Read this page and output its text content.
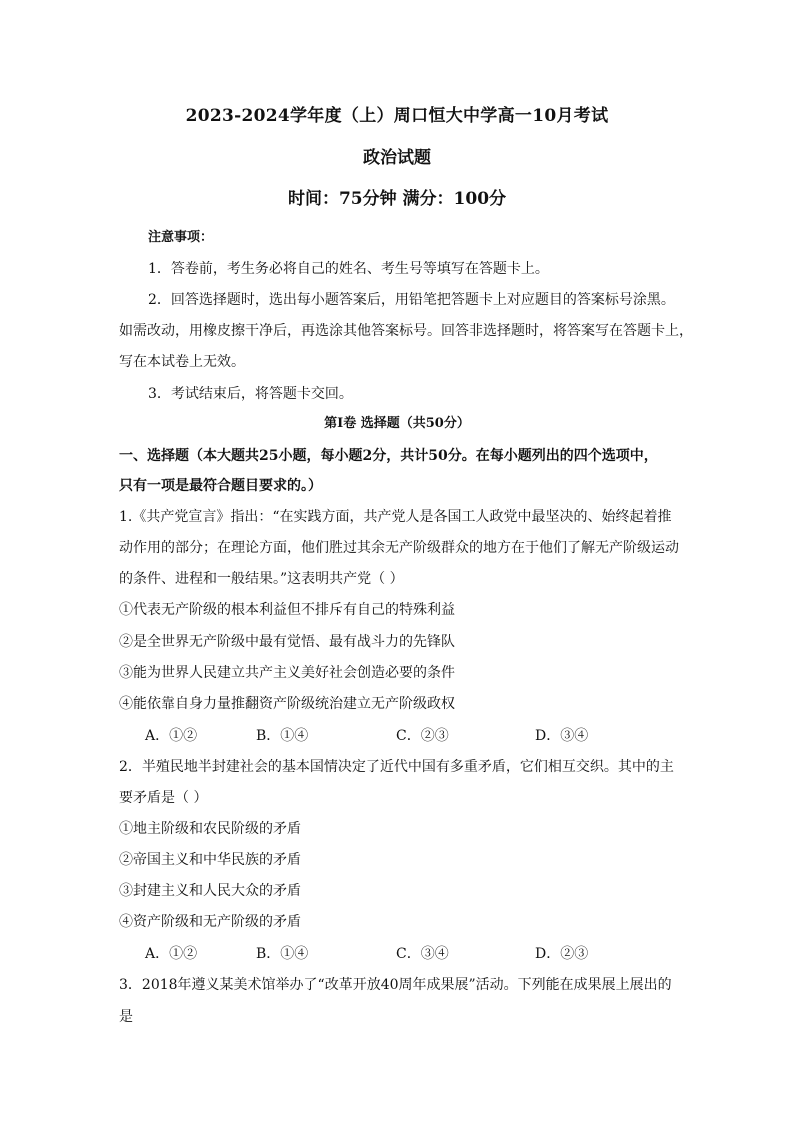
2023-2024学年度（上）周口恒大中学高一10月考试
政治试题
时间：75分钟 满分：100分
注意事项：
1．答卷前，考生务必将自己的姓名、考生号等填写在答题卡上。
2．回答选择题时，选出每小题答案后，用铅笔把答题卡上对应题目的答案标号涂黑。
如需改动，用橡皮擦干净后，再选涂其他答案标号。回答非选择题时，将答案写在答题卡上，
写在本试卷上无效。
3．考试结束后，将答题卡交回。
第Ⅰ卷 选择题（共50分）
一、选择题（本大题共25小题，每小题2分，共计50分。在每小题列出的四个选项中，
只有一项是最符合题目要求的。）
1.《共产党宣言》指出：“在实践方面，共产党人是各国工人政党中最坚决的、始终起着推
动作用的部分；在理论方面，他们胜过其余无产阶级群众的地方在于他们了解无产阶级运动
的条件、进程和一般结果。”这表明共产党（ ）
①代表无产阶级的根本利益但不排斥有自己的特殊利益
②是全世界无产阶级中最有觉悟、最有战斗力的先锋队
③能为世界人民建立共产主义美好社会创造必要的条件
④能依靠自身力量推翻资产阶级统治建立无产阶级政权
A．①②	B．①④	C．②③	D．③④
2．半殖民地半封建社会的基本国情决定了近代中国有多重矛盾，它们相互交织。其中的主
要矛盾是（ ）
①地主阶级和农民阶级的矛盾
②帝国主义和中华民族的矛盾
③封建主义和人民大众的矛盾
④资产阶级和无产阶级的矛盾
A．①②	B．①④	C．③④	D．②③
3．2018年遵义某美术馆举办了“改革开放40周年成果展”活动。下列能在成果展上展出的
是
